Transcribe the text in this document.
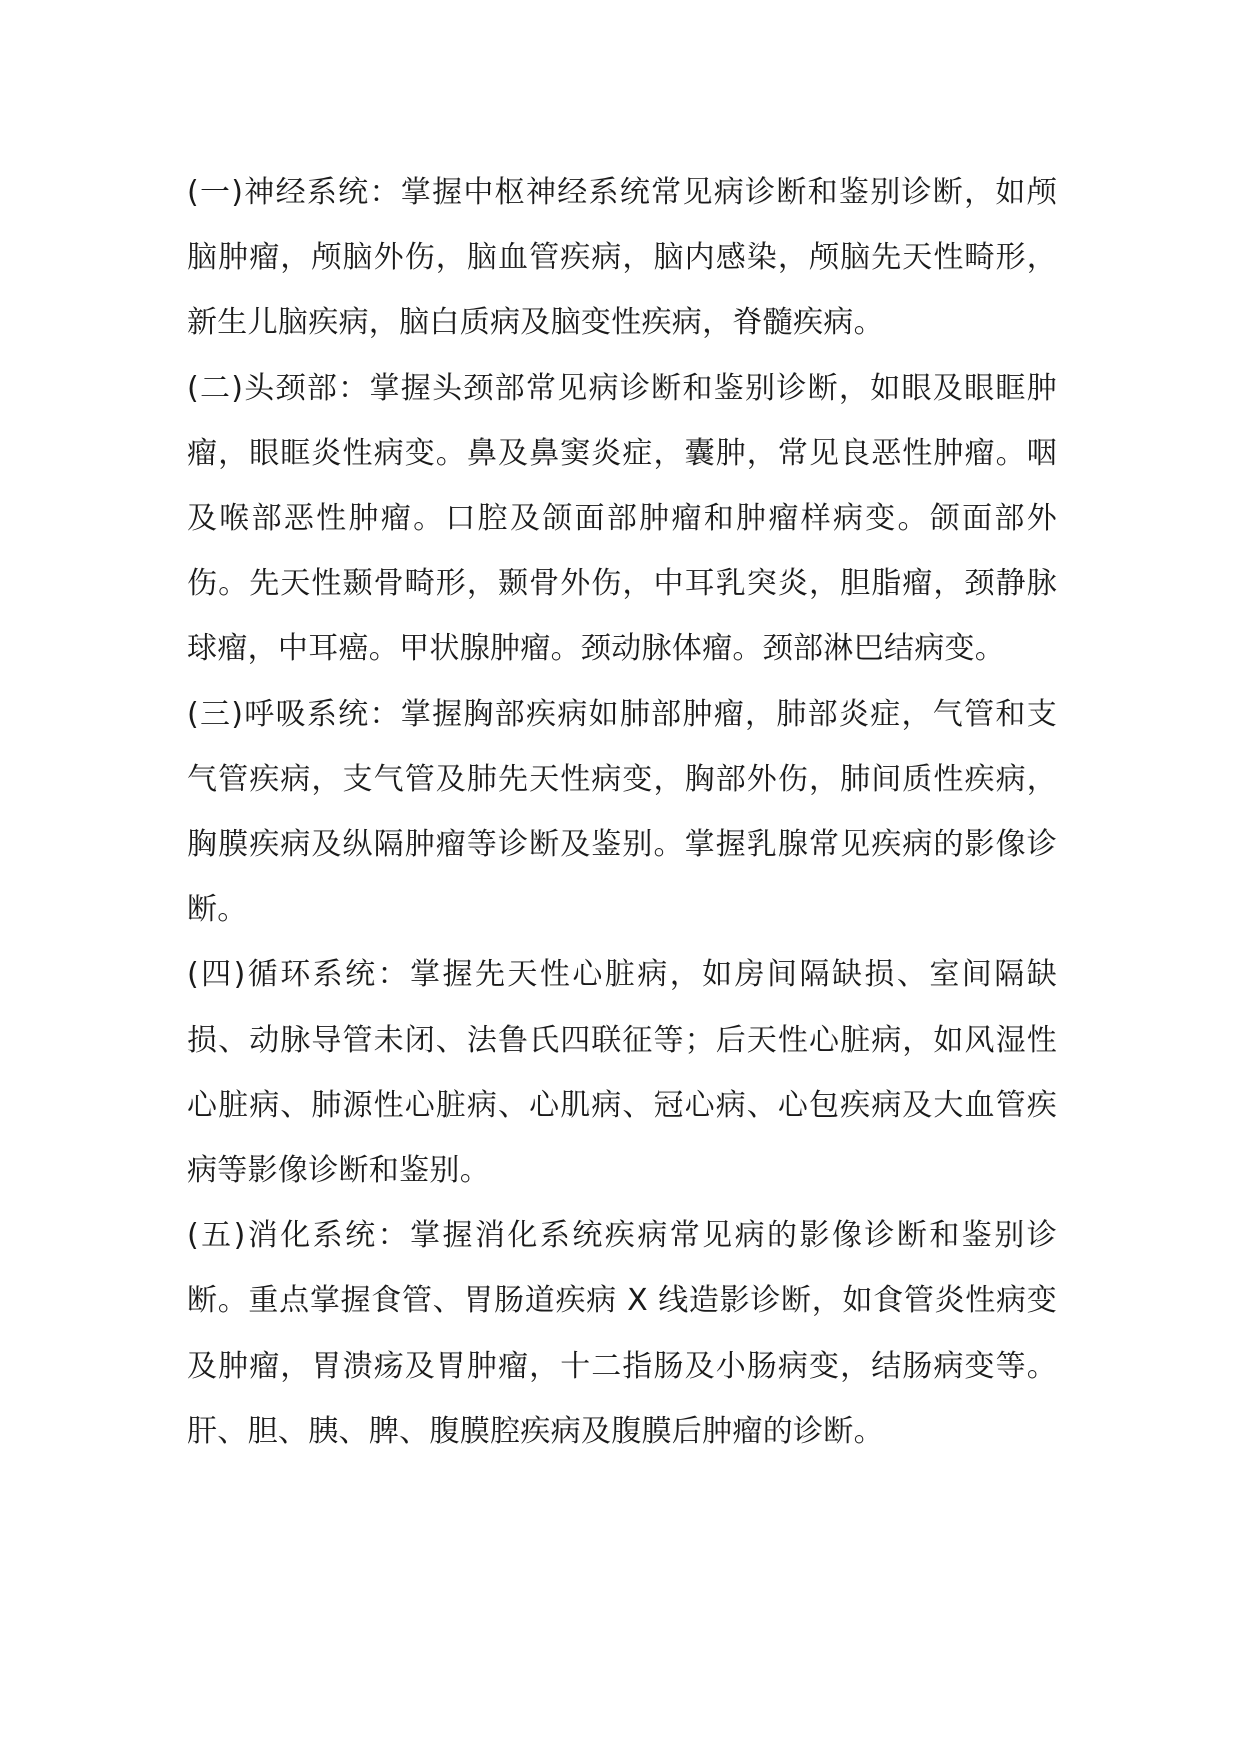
(一)神经系统：掌握中枢神经系统常见病诊断和鉴别诊断，如颅脑肿瘤，颅脑外伤，脑血管疾病，脑内感染，颅脑先天性畸形，新生儿脑疾病，脑白质病及脑变性疾病，脊髓疾病。

(二)头颈部：掌握头颈部常见病诊断和鉴别诊断，如眼及眼眶肿瘤，眼眶炎性病变。鼻及鼻窦炎症，囊肿，常见良恶性肿瘤。咽及喉部恶性肿瘤。口腔及颌面部肿瘤和肿瘤样病变。颌面部外伤。先天性颞骨畸形，颞骨外伤，中耳乳突炎，胆脂瘤，颈静脉球瘤，中耳癌。甲状腺肿瘤。颈动脉体瘤。颈部淋巴结病变。

(三)呼吸系统：掌握胸部疾病如肺部肿瘤，肺部炎症，气管和支气管疾病，支气管及肺先天性病变，胸部外伤，肺间质性疾病，胸膜疾病及纵隔肿瘤等诊断及鉴别。掌握乳腺常见疾病的影像诊断。

(四)循环系统：掌握先天性心脏病，如房间隔缺损、室间隔缺损、动脉导管未闭、法鲁氏四联征等；后天性心脏病，如风湿性心脏病、肺源性心脏病、心肌病、冠心病、心包疾病及大血管疾病等影像诊断和鉴别。

(五)消化系统：掌握消化系统疾病常见病的影像诊断和鉴别诊断。重点掌握食管、胃肠道疾病 X 线造影诊断，如食管炎性病变及肿瘤，胃溃疡及胃肿瘤，十二指肠及小肠病变，结肠病变等。肝、胆、胰、脾、腹膜腔疾病及腹膜后肿瘤的诊断。
